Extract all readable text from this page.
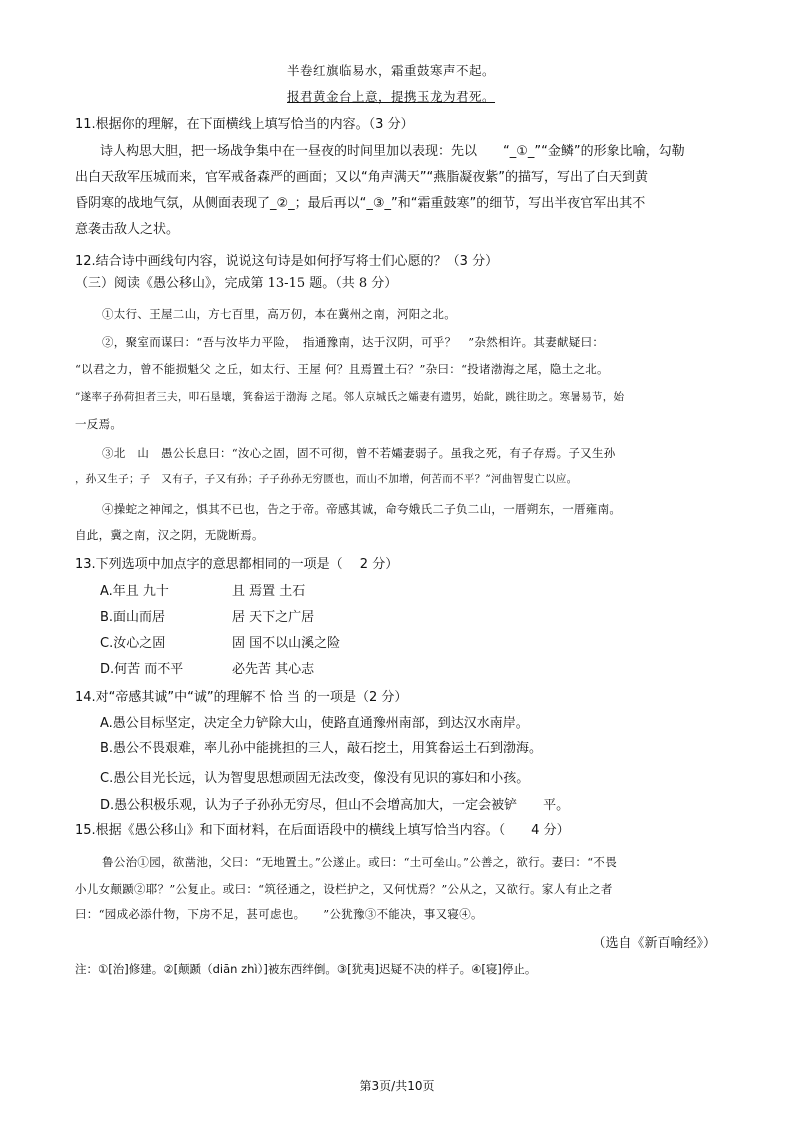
半卷红旗临易水，霜重鼓寒声不起。
报君黄金台上意，提携玉龙为君死。
11.根据你的理解，在下面横线上填写恰当的内容。（3 分）
诗人构思大胆，把一场战争集中在一昼夜的时间里加以表现：先以　　“_①_”“金鳞”的形象比喻，勾勒
出白天敌军压城而来，官军戒备森严的画面；又以“角声满天”“燕脂凝夜紫”的描写，写出了白天到黄
昏阴寒的战地气氛，从侧面表现了_②_；最后再以“_③_”和“霜重鼓寒”的细节，写出半夜官军出其不
意袭击敌人之状。
12.结合诗中画线句内容，说说这句诗是如何抒写将士们心愿的？（3 分）
（三）阅读《愚公移山》，完成第 13-15 题。（共 8 分）
①太行、王屋二山，方七百里，高万仞，本在冀州之南，河阳之北。
②，聚室而谋曰：“吾与汝毕力平险，　指通豫南，达于汉阴，可乎？　”杂然相许。其妻献疑曰：
“以君之力，曾不能损魁父 之丘，如太行、王屋 何？且焉置土石？”杂曰：“投诸渤海之尾，隐土之北。
”遂率子孙荷担者三夫，叩石垦壤，箕畚运于渤海 之尾。邻人京城氏之孀妻有遗男，始龀，跳往助之。寒暑易节，始
一反焉。
③北　山　愚公长息曰：“汝心之固，固不可彻，曾不若孀妻弱子。虽我之死，有子存焉。子又生孙
，孙又生子；子　又有子，子又有孙；子子孙孙无穷匮也，而山不加增，何苦而不平？”河曲智叟亡以应。
④操蛇之神闻之，惧其不已也，告之于帝。帝感其诚，命夸娥氏二子负二山，一厝朔东，一厝雍南。
自此，冀之南，汉之阴，无陇断焉。
13.下列选项中加点字的意思都相同的一项是（　 2 分）
A.年且 九十	且 焉置 土石
B.面山而居	居 天下之广居
C.汝心之固	固 国不以山溪之险
D.何苦 而不平	必先苦 其心志
14.对“帝感其诚”中“诚”的理解不 恰 当 的一项是（2 分）
A.愚公目标坚定，决定全力铲除大山，使路直通豫州南部，到达汉水南岸。
B.愚公不畏艰难，率儿孙中能挑担的三人，敲石挖土，用箕畚运土石到渤海。
C.愚公目光长远，认为智叟思想顽固无法改变，像没有见识的寡妇和小孩。
D.愚公积极乐观，认为子子孙孙无穷尽，但山不会增高加大，一定会被铲　　平。
15.根据《愚公移山》和下面材料，在后面语段中的横线上填写恰当内容。（　　4 分）
鲁公治①园，欲凿池，父曰：“无地置土。”公遂止。或曰：“土可垒山。”公善之，欲行。妻曰：“不畏
小儿女颠踬②耶？”公复止。或曰：“筑径通之，设栏护之，又何忧焉？”公从之，又欲行。家人有止之者
曰：“园成必添什物，下房不足，甚可虑也。　　”公犹豫③不能决，事又寝④。
（选自《新百喻经》）
注：①[治]修建。②[颠踬（diān zhì）]被东西绊倒。③[犹夷]迟疑不决的样子。④[寝]停止。
第3页/共10页
